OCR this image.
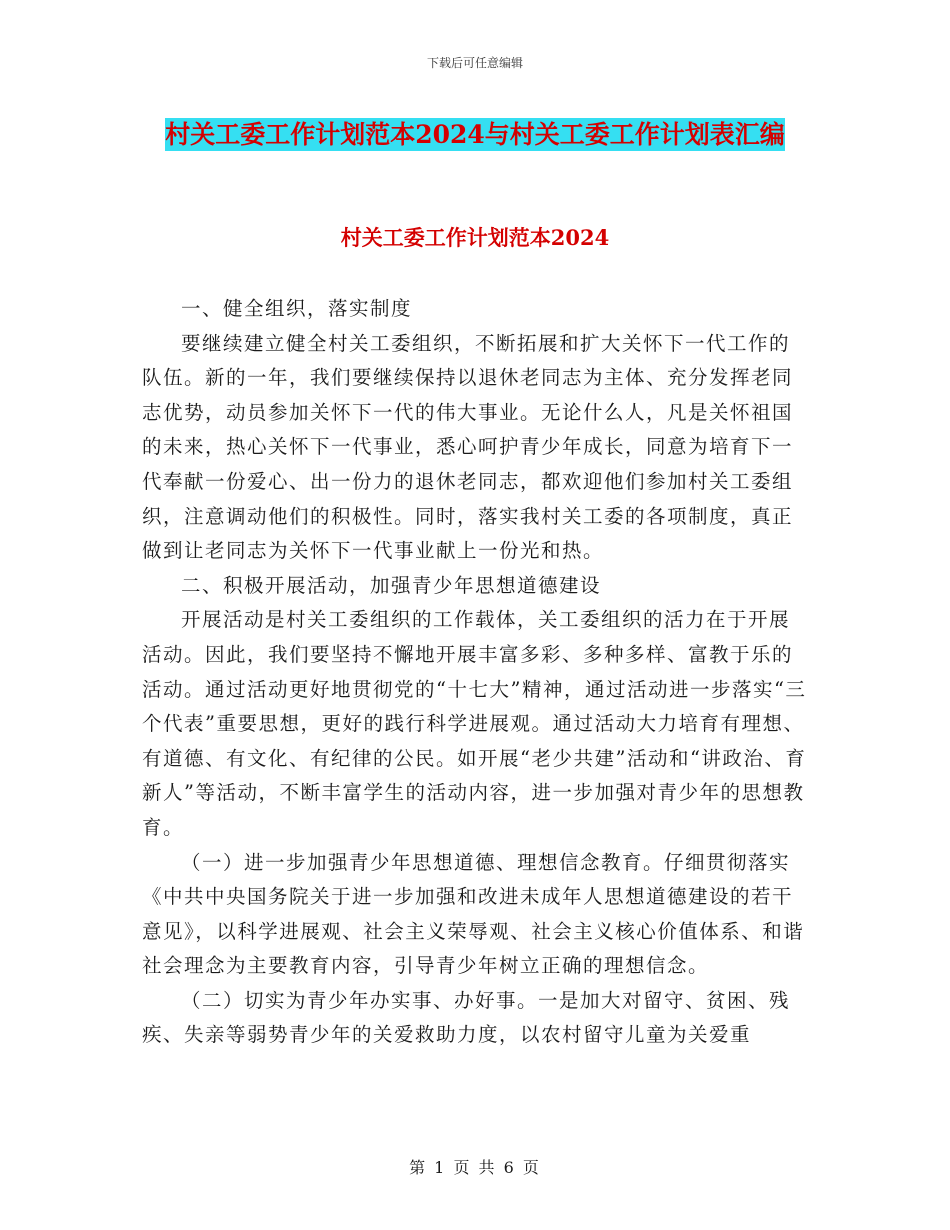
下载后可任意编辑
村关工委工作计划范本2024与村关工委工作计划表汇编
村关工委工作计划范本2024

一、健全组织，落实制度

要继续建立健全村关工委组织，不断拓展和扩大关怀下一代工作的队伍。新的一年，我们要继续保持以退休老同志为主体、充分发挥老同志优势，动员参加关怀下一代的伟大事业。无论什么人，凡是关怀祖国的未来，热心关怀下一代事业，悉心呵护青少年成长，同意为培育下一代奉献一份爱心、出一份力的退休老同志，都欢迎他们参加村关工委组织，注意调动他们的积极性。同时，落实我村关工委的各项制度，真正做到让老同志为关怀下一代事业献上一份光和热。

二、积极开展活动，加强青少年思想道德建设

开展活动是村关工委组织的工作载体，关工委组织的活力在于开展活动。因此，我们要坚持不懈地开展丰富多彩、多种多样、富教于乐的活动。通过活动更好地贯彻党的“十七大”精神，通过活动进一步落实“三个代表”重要思想，更好的践行科学进展观。通过活动大力培育有理想、有道德、有文化、有纪律的公民。如开展“老少共建”活动和“讲政治、育新人”等活动，不断丰富学生的活动内容，进一步加强对青少年的思想教育。

（一）进一步加强青少年思想道德、理想信念教育。仔细贯彻落实《中共中央国务院关于进一步加强和改进未成年人思想道德建设的若干意见》，以科学进展观、社会主义荣辱观、社会主义核心价值体系、和谐社会理念为主要教育内容，引导青少年树立正确的理想信念。

（二）切实为青少年办实事、办好事。一是加大对留守、贫困、残疾、失亲等弱势青少年的关爱救助力度，以农村留守儿童为关爱重

第 1 页 共 6 页
